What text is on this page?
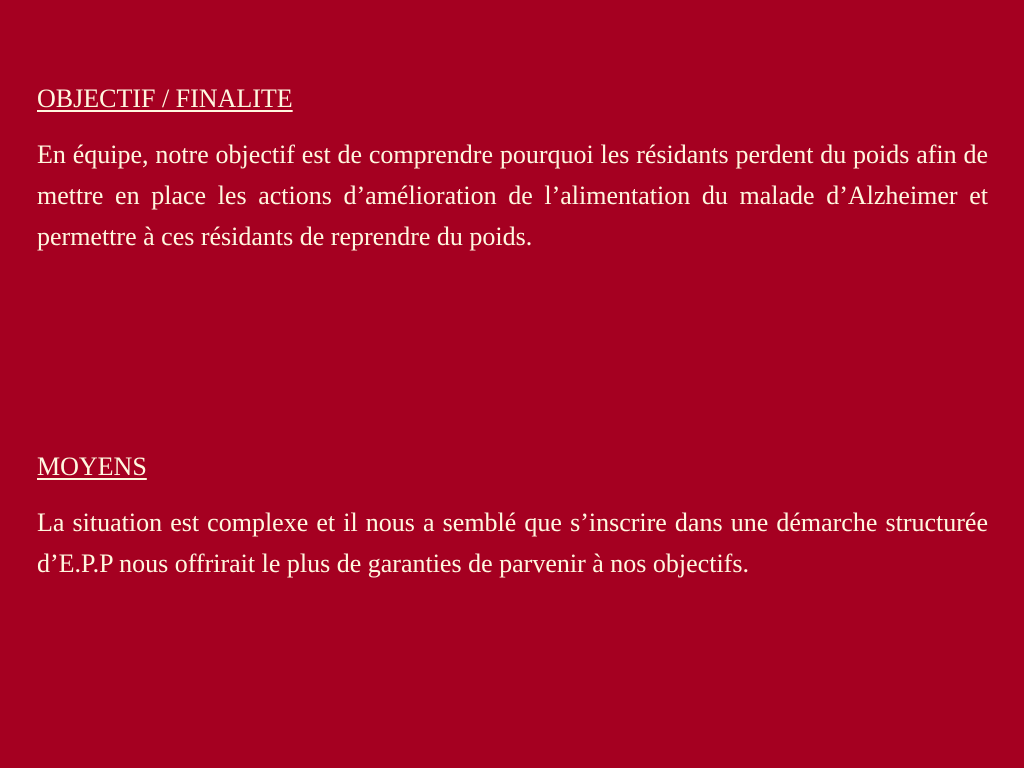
OBJECTIF / FINALITE

En équipe, notre objectif est de comprendre pourquoi les résidants perdent du poids afin de mettre en place les actions d’amélioration de l’alimentation du malade d’Alzheimer et permettre à ces résidants de reprendre du poids.

MOYENS

La situation est complexe et il nous a semblé que s’inscrire dans une démarche structurée d’E.P.P nous offrirait le plus de garanties de parvenir à nos objectifs.
